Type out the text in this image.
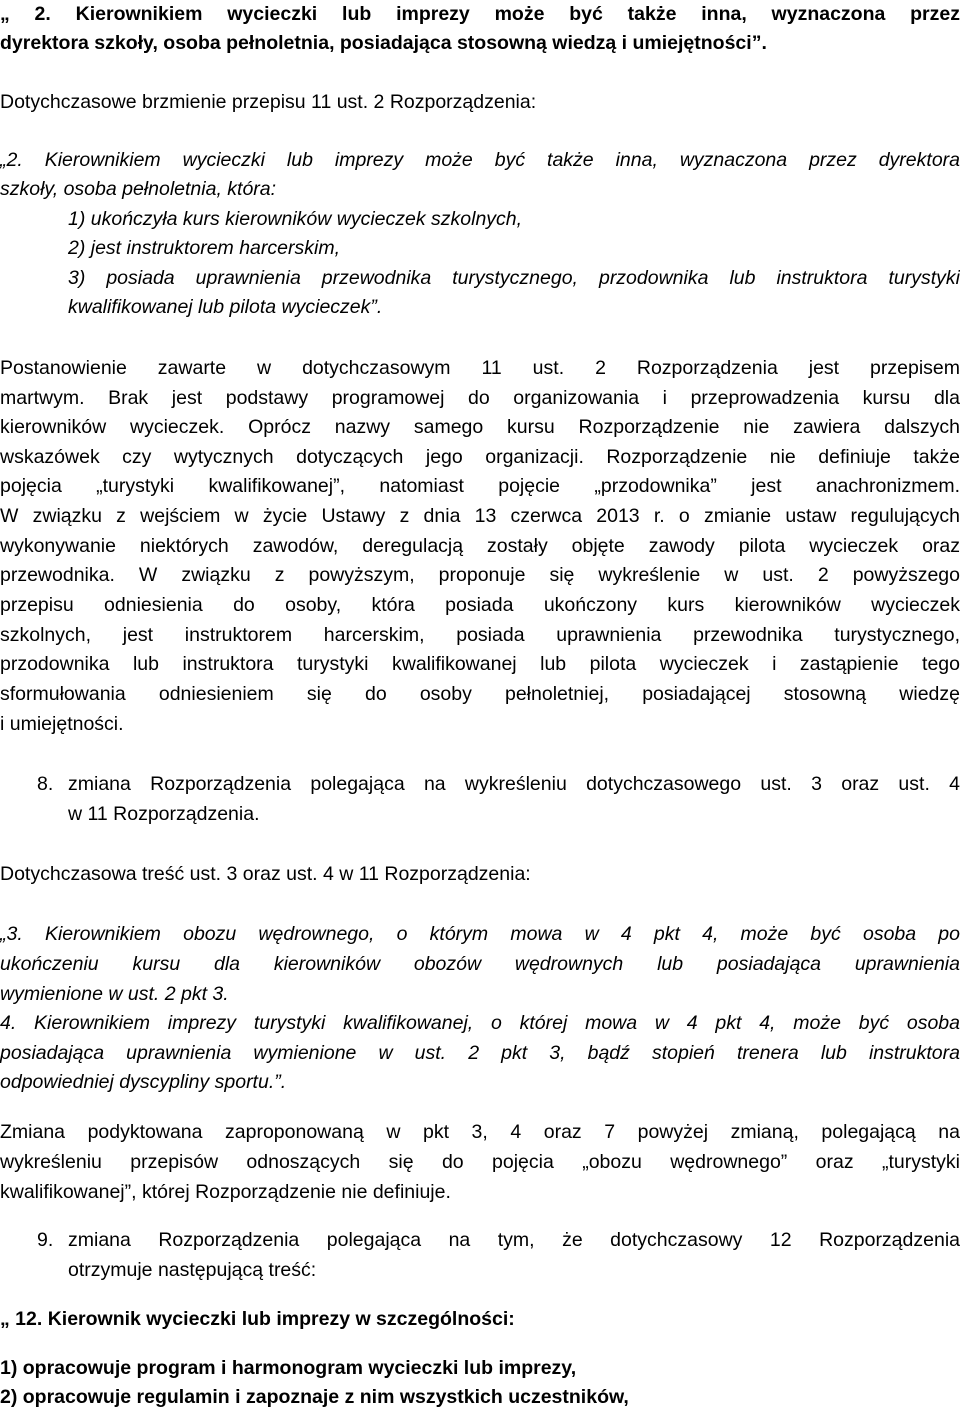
„ 2. Kierownikiem wycieczki lub imprezy może być także inna, wyznaczona przez
dyrektora szkoły, osoba pełnoletnia, posiadająca stosowną wiedzą i umiejętności”.
Dotychczasowe brzmienie przepisu 11 ust. 2 Rozporządzenia:
„2. Kierownikiem wycieczki lub imprezy może być także inna, wyznaczona przez dyrektora
szkoły, osoba pełnoletnia, która:
1) ukończyła kurs kierowników wycieczek szkolnych,
2) jest instruktorem harcerskim,
3) posiada uprawnienia przewodnika turystycznego, przodownika lub instruktora turystyki
kwalifikowanej lub pilota wycieczek”.
Postanowienie zawarte w dotychczasowym 11 ust. 2 Rozporządzenia jest przepisem
martwym. Brak jest podstawy programowej do organizowania i przeprowadzenia kursu dla
kierowników wycieczek. Oprócz nazwy samego kursu Rozporządzenie nie zawiera dalszych
wskazówek czy wytycznych dotyczących jego organizacji. Rozporządzenie nie definiuje także
pojęcia „turystyki kwalifikowanej”, natomiast pojęcie „przodownika” jest anachronizmem.
W związku z wejściem w życie Ustawy z dnia 13 czerwca 2013 r. o zmianie ustaw regulujących
wykonywanie niektórych zawodów, deregulacją zostały objęte zawody pilota wycieczek oraz
przewodnika. W związku z powyższym, proponuje się wykreślenie w ust. 2 powyższego
przepisu odniesienia do osoby, która posiada ukończony kurs kierowników wycieczek
szkolnych, jest instruktorem harcerskim, posiada uprawnienia przewodnika turystycznego,
przodownika lub instruktora turystyki kwalifikowanej lub pilota wycieczek i zastąpienie tego
sformułowania odniesieniem się do osoby pełnoletniej, posiadającej stosowną wiedzę
i umiejętności.
8. zmiana Rozporządzenia polegająca na wykreśleniu dotychczasowego ust. 3 oraz ust. 4
w 11 Rozporządzenia.
Dotychczasowa treść ust. 3 oraz ust. 4 w 11 Rozporządzenia:
„3. Kierownikiem obozu wędrownego, o którym mowa w 4 pkt 4, może być osoba po
ukończeniu kursu dla kierowników obozów wędrownych lub posiadająca uprawnienia
wymienione w ust. 2 pkt 3.
4. Kierownikiem imprezy turystyki kwalifikowanej, o której mowa w 4 pkt 4, może być osoba
posiadająca uprawnienia wymienione w ust. 2 pkt 3, bądź stopień trenera lub instruktora
odpowiedniej dyscypliny sportu.”.
Zmiana podyktowana zaproponowaną w pkt 3, 4 oraz 7 powyżej zmianą, polegającą na
wykreśleniu przepisów odnoszących się do pojęcia „obozu wędrownego” oraz „turystyki
kwalifikowanej”, której Rozporządzenie nie definiuje.
9. zmiana Rozporządzenia polegająca na tym, że dotychczasowy 12 Rozporządzenia
otrzymuje następującą treść:
„ 12. Kierownik wycieczki lub imprezy w szczególności:
1) opracowuje program i harmonogram wycieczki lub imprezy,
2) opracowuje regulamin i zapoznaje z nim wszystkich uczestników,
